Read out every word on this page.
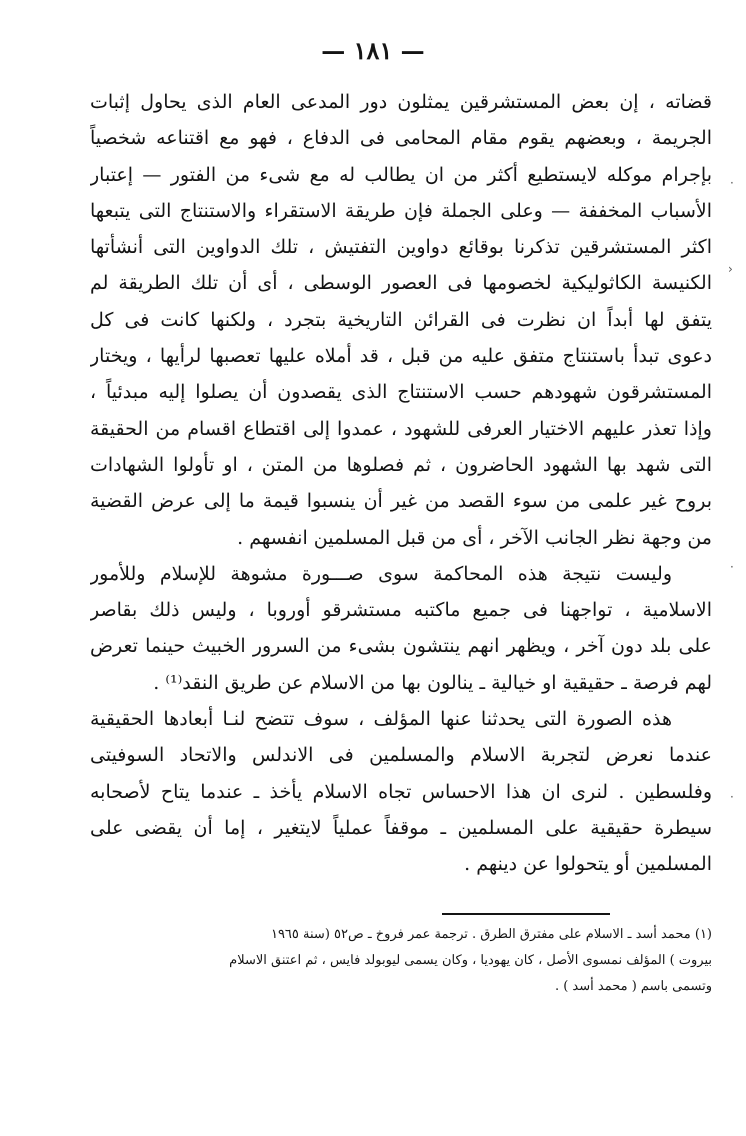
— ١٨١ —
قضاته ، إن بعض المستشرقين يمثلون دور المدعى العام الذى يحاول إثبات
الجريمة ، وبعضهم يقوم مقام المحامى فى الدفاع ، فهو مع اقتناعه شخصياً
بإجرام موكله لايستطيع أكثر من ان يطالب له مع شىء من الفتور — إعتبار
الأسباب المخففة — وعلى الجملة فإن طريقة الاستقراء والاستنتاج التى يتبعها
اكثر المستشرقين تذكرنا بوقائع دواوين التفتيش ، تلك الدواوين التى أنشأتها
الكنيسة الكاثوليكية لخصومها فى العصور الوسطى ، أى أن تلك الطريقة لم
يتفق لها أبداً ان نظرت فى القرائن التاريخية بتجرد ، ولكنها كانت فى كل
دعوى تبدأ باستنتاج متفق عليه من قبل ، قد أملاه عليها تعصبها لرأيها ، ويختار
المستشرقون شهودهم حسب الاستنتاج الذى يقصدون أن يصلوا إليه مبدئياً ،
وإذا تعذر عليهم الاختيار العرفى للشهود ، عمدوا إلى اقتطاع اقسام من الحقيقة
التى شهد بها الشهود الحاضرون ، ثم فصلوها من المتن ، او تأولوا الشهادات
بروح غير علمى من سوء القصد من غير أن ينسبوا قيمة ما إلى عرض القضية
من وجهة نظر الجانب الآخر ، أى من قبل المسلمين انفسهم .
وليست نتيجة هذه المحاكمة سوى صـــورة مشوهة للإسلام وللأمور
الاسلامية ، تواجهنا فى جميع ماكتبه مستشرقو أوروبا ، وليس ذلك بقاصر
على بلد دون آخر ، ويظهر انهم ينتشون بشىء من السرور الخبيث حينما تعرض
لهم فرصة ـ حقيقية او خيالية ـ ينالون بها من الاسلام عن طريق النقد⁽¹⁾ .
هذه الصورة التى يحدثنا عنها المؤلف ، سوف تتضح لنـا أبعادها الحقيقية
عندما نعرض لتجربة الاسلام والمسلمين فى الاندلس والاتحاد السوفيتى
وفلسطين . لنرى ان هذا الاحساس تجاه الاسلام يأخذ ـ عندما يتاح لأصحابه
سيطرة حقيقية على المسلمين ـ موقفاً عملياً لايتغير ، إما أن يقضى على
المسلمين أو يتحولوا عن دينهم .
(١) محمد أسد ـ الاسلام على مفترق الطرق . ترجمة عمر فروخ ـ ص٥٢ (سنة ١٩٦٥
بيروت ) المؤلف نمسوى الأصل ، كان يهوديا ، وكان يسمى ليوبولد فايس ، ثم اعتنق الاسلام
وتسمى باسم ( محمد أسد ) .
·
›
·
·
